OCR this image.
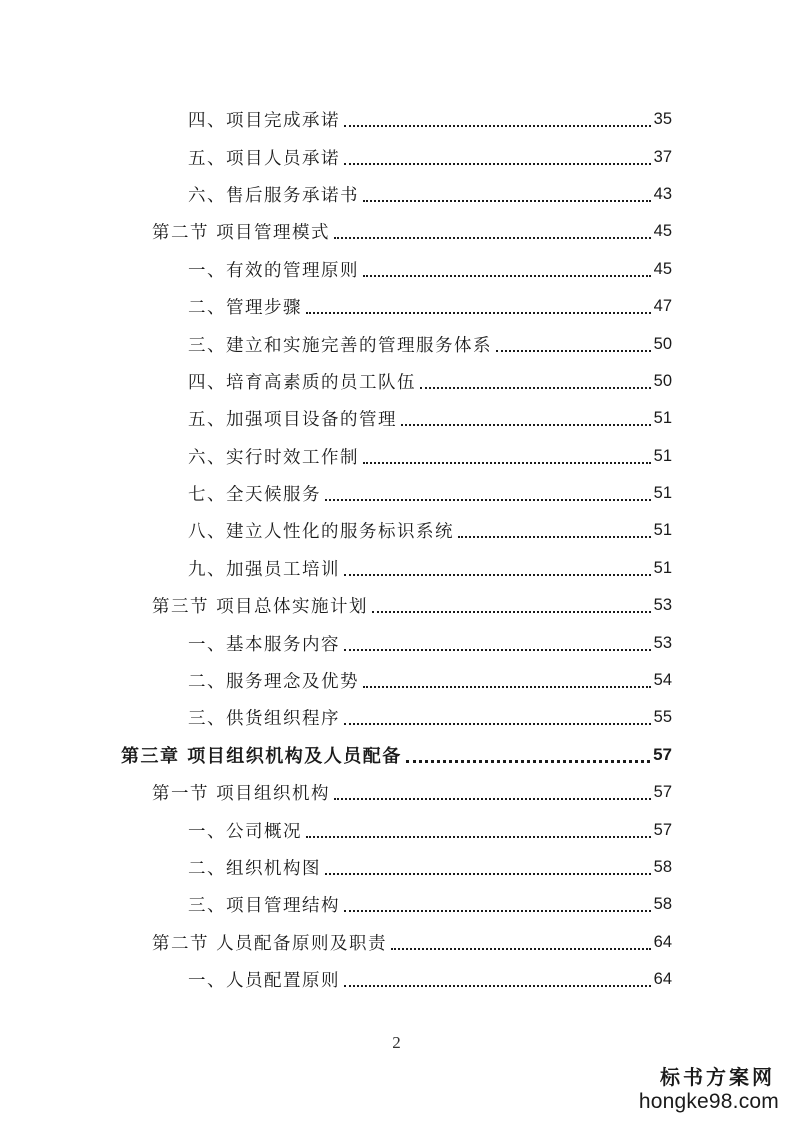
四、项目完成承诺	35
五、项目人员承诺	37
六、售后服务承诺书	43
第二节 项目管理模式	45
一、有效的管理原则	45
二、管理步骤	47
三、建立和实施完善的管理服务体系	50
四、培育高素质的员工队伍	50
五、加强项目设备的管理	51
六、实行时效工作制	51
七、全天候服务	51
八、建立人性化的服务标识系统	51
九、加强员工培训	51
第三节 项目总体实施计划	53
一、基本服务内容	53
二、服务理念及优势	54
三、供货组织程序	55
第三章 项目组织机构及人员配备	57
第一节 项目组织机构	57
一、公司概况	57
二、组织机构图	58
三、项目管理结构	58
第二节 人员配备原则及职责	64
一、人员配置原则	64
2
标书方案网
hongke98.com
